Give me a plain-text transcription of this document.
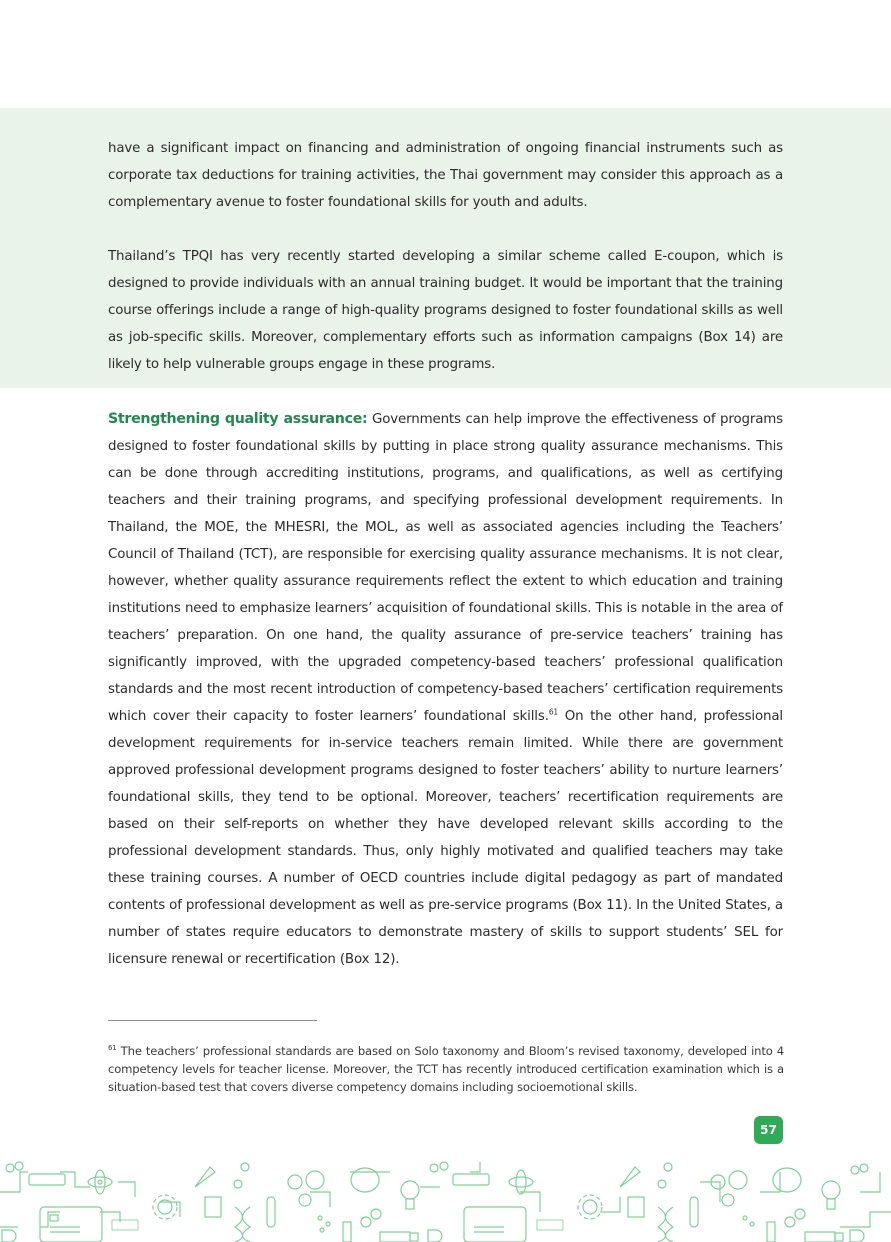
have a significant impact on financing and administration of ongoing financial instruments such as corporate tax deductions for training activities, the Thai government may consider this approach as a complementary avenue to foster foundational skills for youth and adults.

Thailand’s TPQI has very recently started developing a similar scheme called E-coupon, which is designed to provide individuals with an annual training budget. It would be important that the training course offerings include a range of high-quality programs designed to foster foundational skills as well as job-specific skills. Moreover, complementary efforts such as information campaigns (Box 14) are likely to help vulnerable groups engage in these programs.

Strengthening quality assurance: Governments can help improve the effectiveness of programs designed to foster foundational skills by putting in place strong quality assurance mechanisms. This can be done through accrediting institutions, programs, and qualifications, as well as certifying teachers and their training programs, and specifying professional development requirements. In Thailand, the MOE, the MHESRI, the MOL, as well as associated agencies including the Teachers’ Council of Thailand (TCT), are responsible for exercising quality assurance mechanisms. It is not clear, however, whether quality assurance requirements reflect the extent to which education and training institutions need to emphasize learners’ acquisition of foundational skills. This is notable in the area of teachers’ preparation. On one hand, the quality assurance of pre-service teachers’ training has significantly improved, with the upgraded competency-based teachers’ professional qualification standards and the most recent introduction of competency-based teachers’ certification requirements which cover their capacity to foster learners’ foundational skills.$^{61}$ On the other hand, professional development requirements for in-service teachers remain limited. While there are government approved professional development programs designed to foster teachers’ ability to nurture learners’ foundational skills, they tend to be optional. Moreover, teachers’ recertification requirements are based on their self-reports on whether they have developed relevant skills according to the professional development standards. Thus, only highly motivated and qualified teachers may take these training courses. A number of OECD countries include digital pedagogy as part of mandated contents of professional development as well as pre-service programs (Box 11). In the United States, a number of states require educators to demonstrate mastery of skills to support students’ SEL for licensure renewal or recertification (Box 12).

$^{61}$ The teachers’ professional standards are based on Solo taxonomy and Bloom’s revised taxonomy, developed into 4 competency levels for teacher license. Moreover, the TCT has recently introduced certification examination which is a situation-based test that covers diverse competency domains including socioemotional skills.
57
